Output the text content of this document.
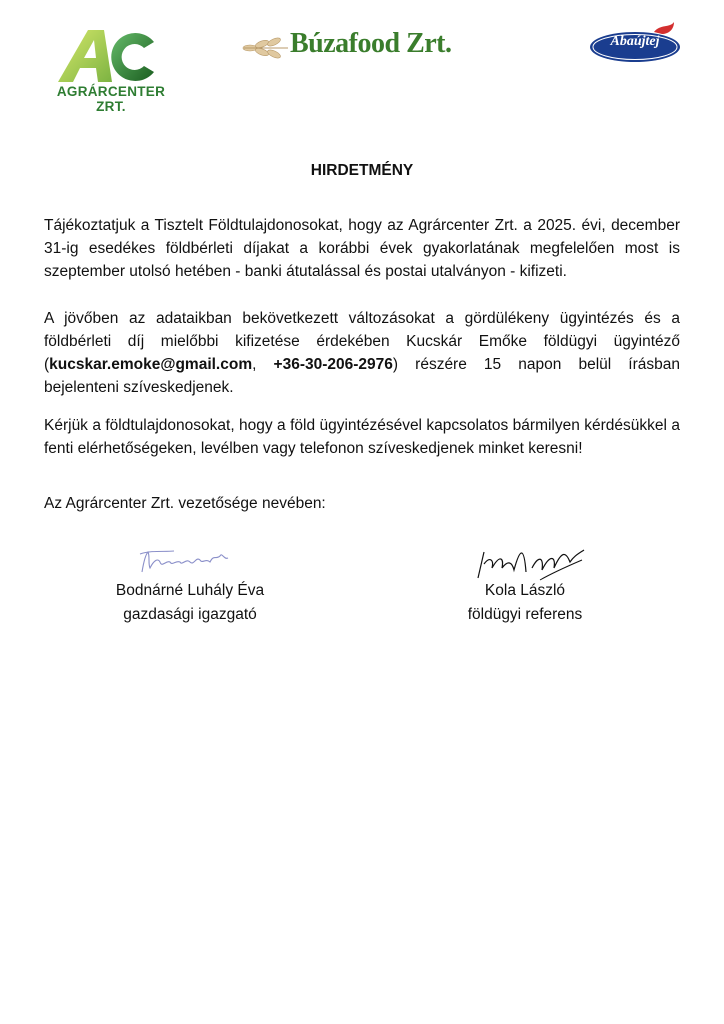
AGRÁRCENTER
ZRT.
Búzafood Zrt.	Abaújtej
HIRDETMÉNY

Tájékoztatjuk a Tisztelt Földtulajdonosokat, hogy az Agrárcenter Zrt. a 2025. évi, december 31-ig esedékes földbérleti díjakat a korábbi évek gyakorlatának megfelelően most is szeptember utolsó hetében - banki átutalással és postai utalványon - kifizeti.

A jövőben az adataikban bekövetkezett változásokat a gördülékeny ügyintézés és a földbérleti díj mielőbbi kifizetése érdekében Kucskár Emőke földügyi ügyintéző (kucskar.emoke@gmail.com, +36-30-206-2976) részére 15 napon belül írásban bejelenteni szíveskedjenek.

Kérjük a földtulajdonosokat, hogy a föld ügyintézésével kapcsolatos bármilyen kérdésükkel a fenti elérhetőségeken, levélben vagy telefonon szíveskedjenek minket keresni!

Az Agrárcenter Zrt. vezetősége nevében:

Bodnárné Luhály Éva
gazdasági igazgató
Kola László
földügyi referens
